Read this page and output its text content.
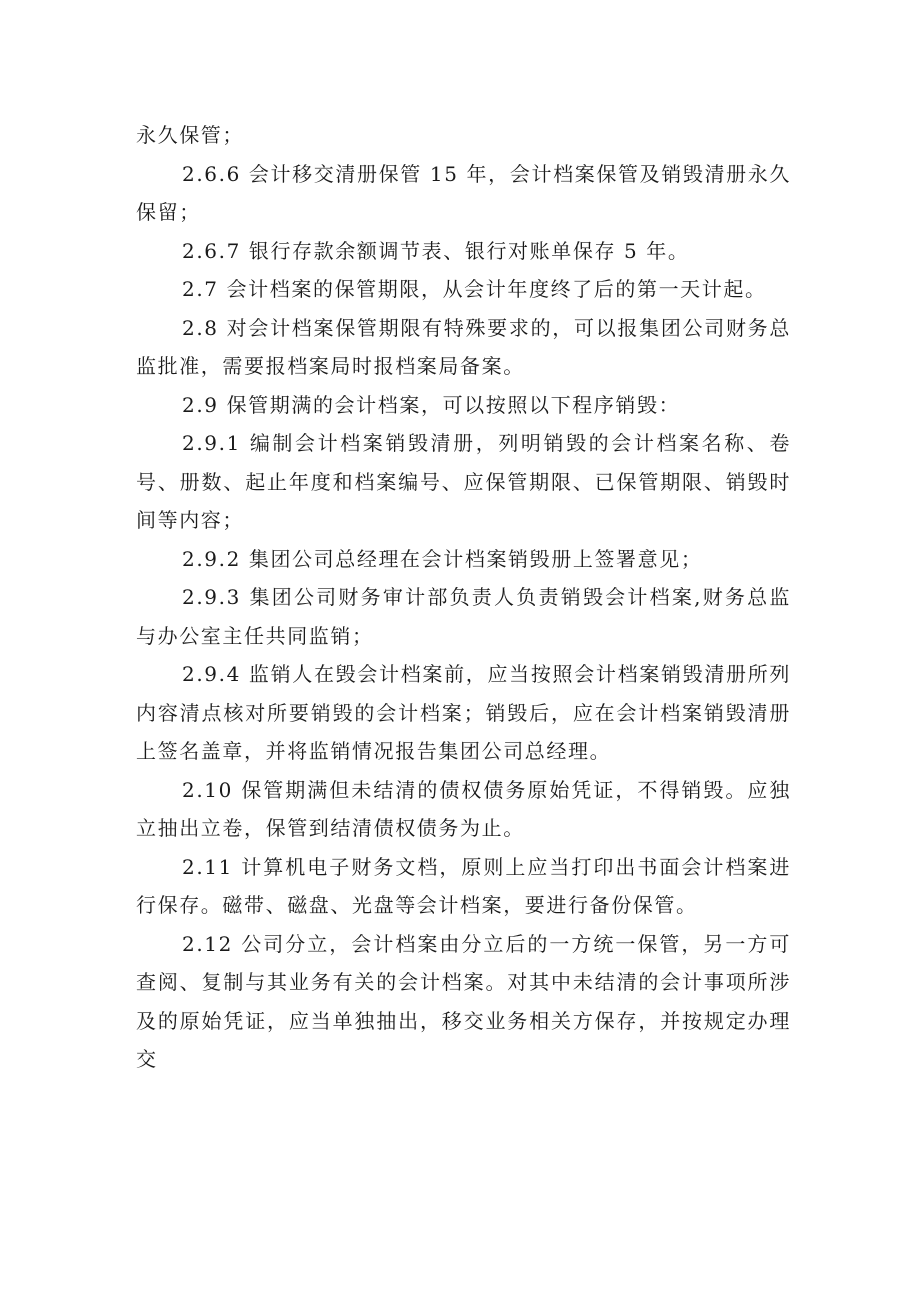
永久保管；

2.6.6 会计移交清册保管 15 年，会计档案保管及销毁清册永久保留；

2.6.7 银行存款余额调节表、银行对账单保存 5 年。

2.7 会计档案的保管期限，从会计年度终了后的第一天计起。

2.8 对会计档案保管期限有特殊要求的，可以报集团公司财务总监批准，需要报档案局时报档案局备案。

2.9 保管期满的会计档案，可以按照以下程序销毁：

2.9.1 编制会计档案销毁清册，列明销毁的会计档案名称、卷号、册数、起止年度和档案编号、应保管期限、已保管期限、销毁时间等内容；

2.9.2 集团公司总经理在会计档案销毁册上签署意见；

2.9.3 集团公司财务审计部负责人负责销毁会计档案,财务总监与办公室主任共同监销；

2.9.4 监销人在毁会计档案前，应当按照会计档案销毁清册所列内容清点核对所要销毁的会计档案；销毁后，应在会计档案销毁清册上签名盖章，并将监销情况报告集团公司总经理。

2.10 保管期满但未结清的债权债务原始凭证，不得销毁。应独立抽出立卷，保管到结清债权债务为止。

2.11 计算机电子财务文档，原则上应当打印出书面会计档案进行保存。磁带、磁盘、光盘等会计档案，要进行备份保管。

2.12 公司分立，会计档案由分立后的一方统一保管，另一方可查阅、复制与其业务有关的会计档案。对其中未结清的会计事项所涉及的原始凭证，应当单独抽出，移交业务相关方保存，并按规定办理交
